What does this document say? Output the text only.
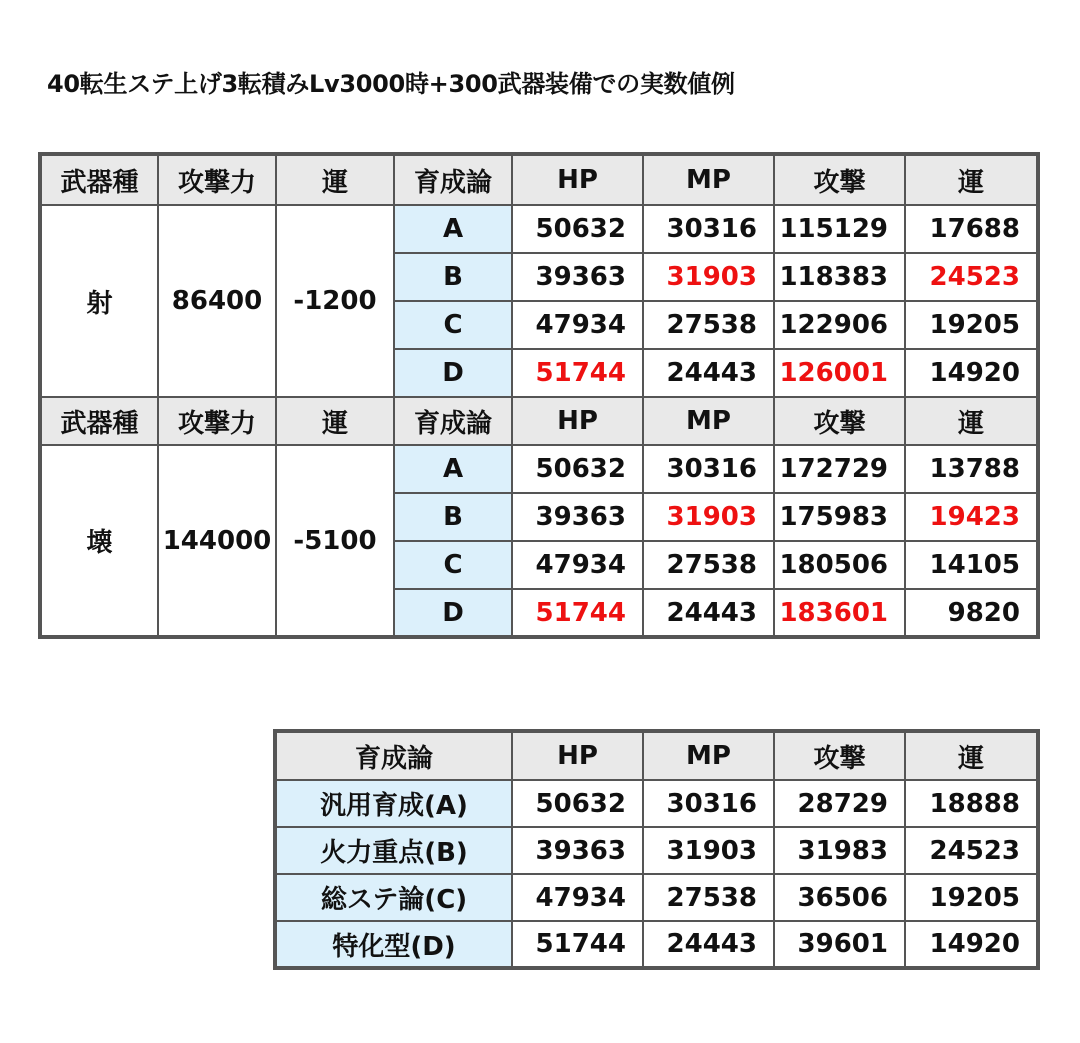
40転生ステ上げ3転積みLv3000時+300武器装備での実数値例
武器種	攻撃力	運	育成論	HP	MP	攻撃	運
射	86400	-1200	A	50632	30316	115129	17688
			B	39363	31903	118383	24523
			C	47934	27538	122906	19205
			D	51744	24443	126001	14920
武器種	攻撃力	運	育成論	HP	MP	攻撃	運
壊	144000	-5100	A	50632	30316	172729	13788
			B	39363	31903	175983	19423
			C	47934	27538	180506	14105
			D	51744	24443	183601	9820
育成論	HP	MP	攻撃	運
汎用育成(A)	50632	30316	28729	18888
火力重点(B)	39363	31903	31983	24523
総ステ論(C)	47934	27538	36506	19205
特化型(D)	51744	24443	39601	14920
